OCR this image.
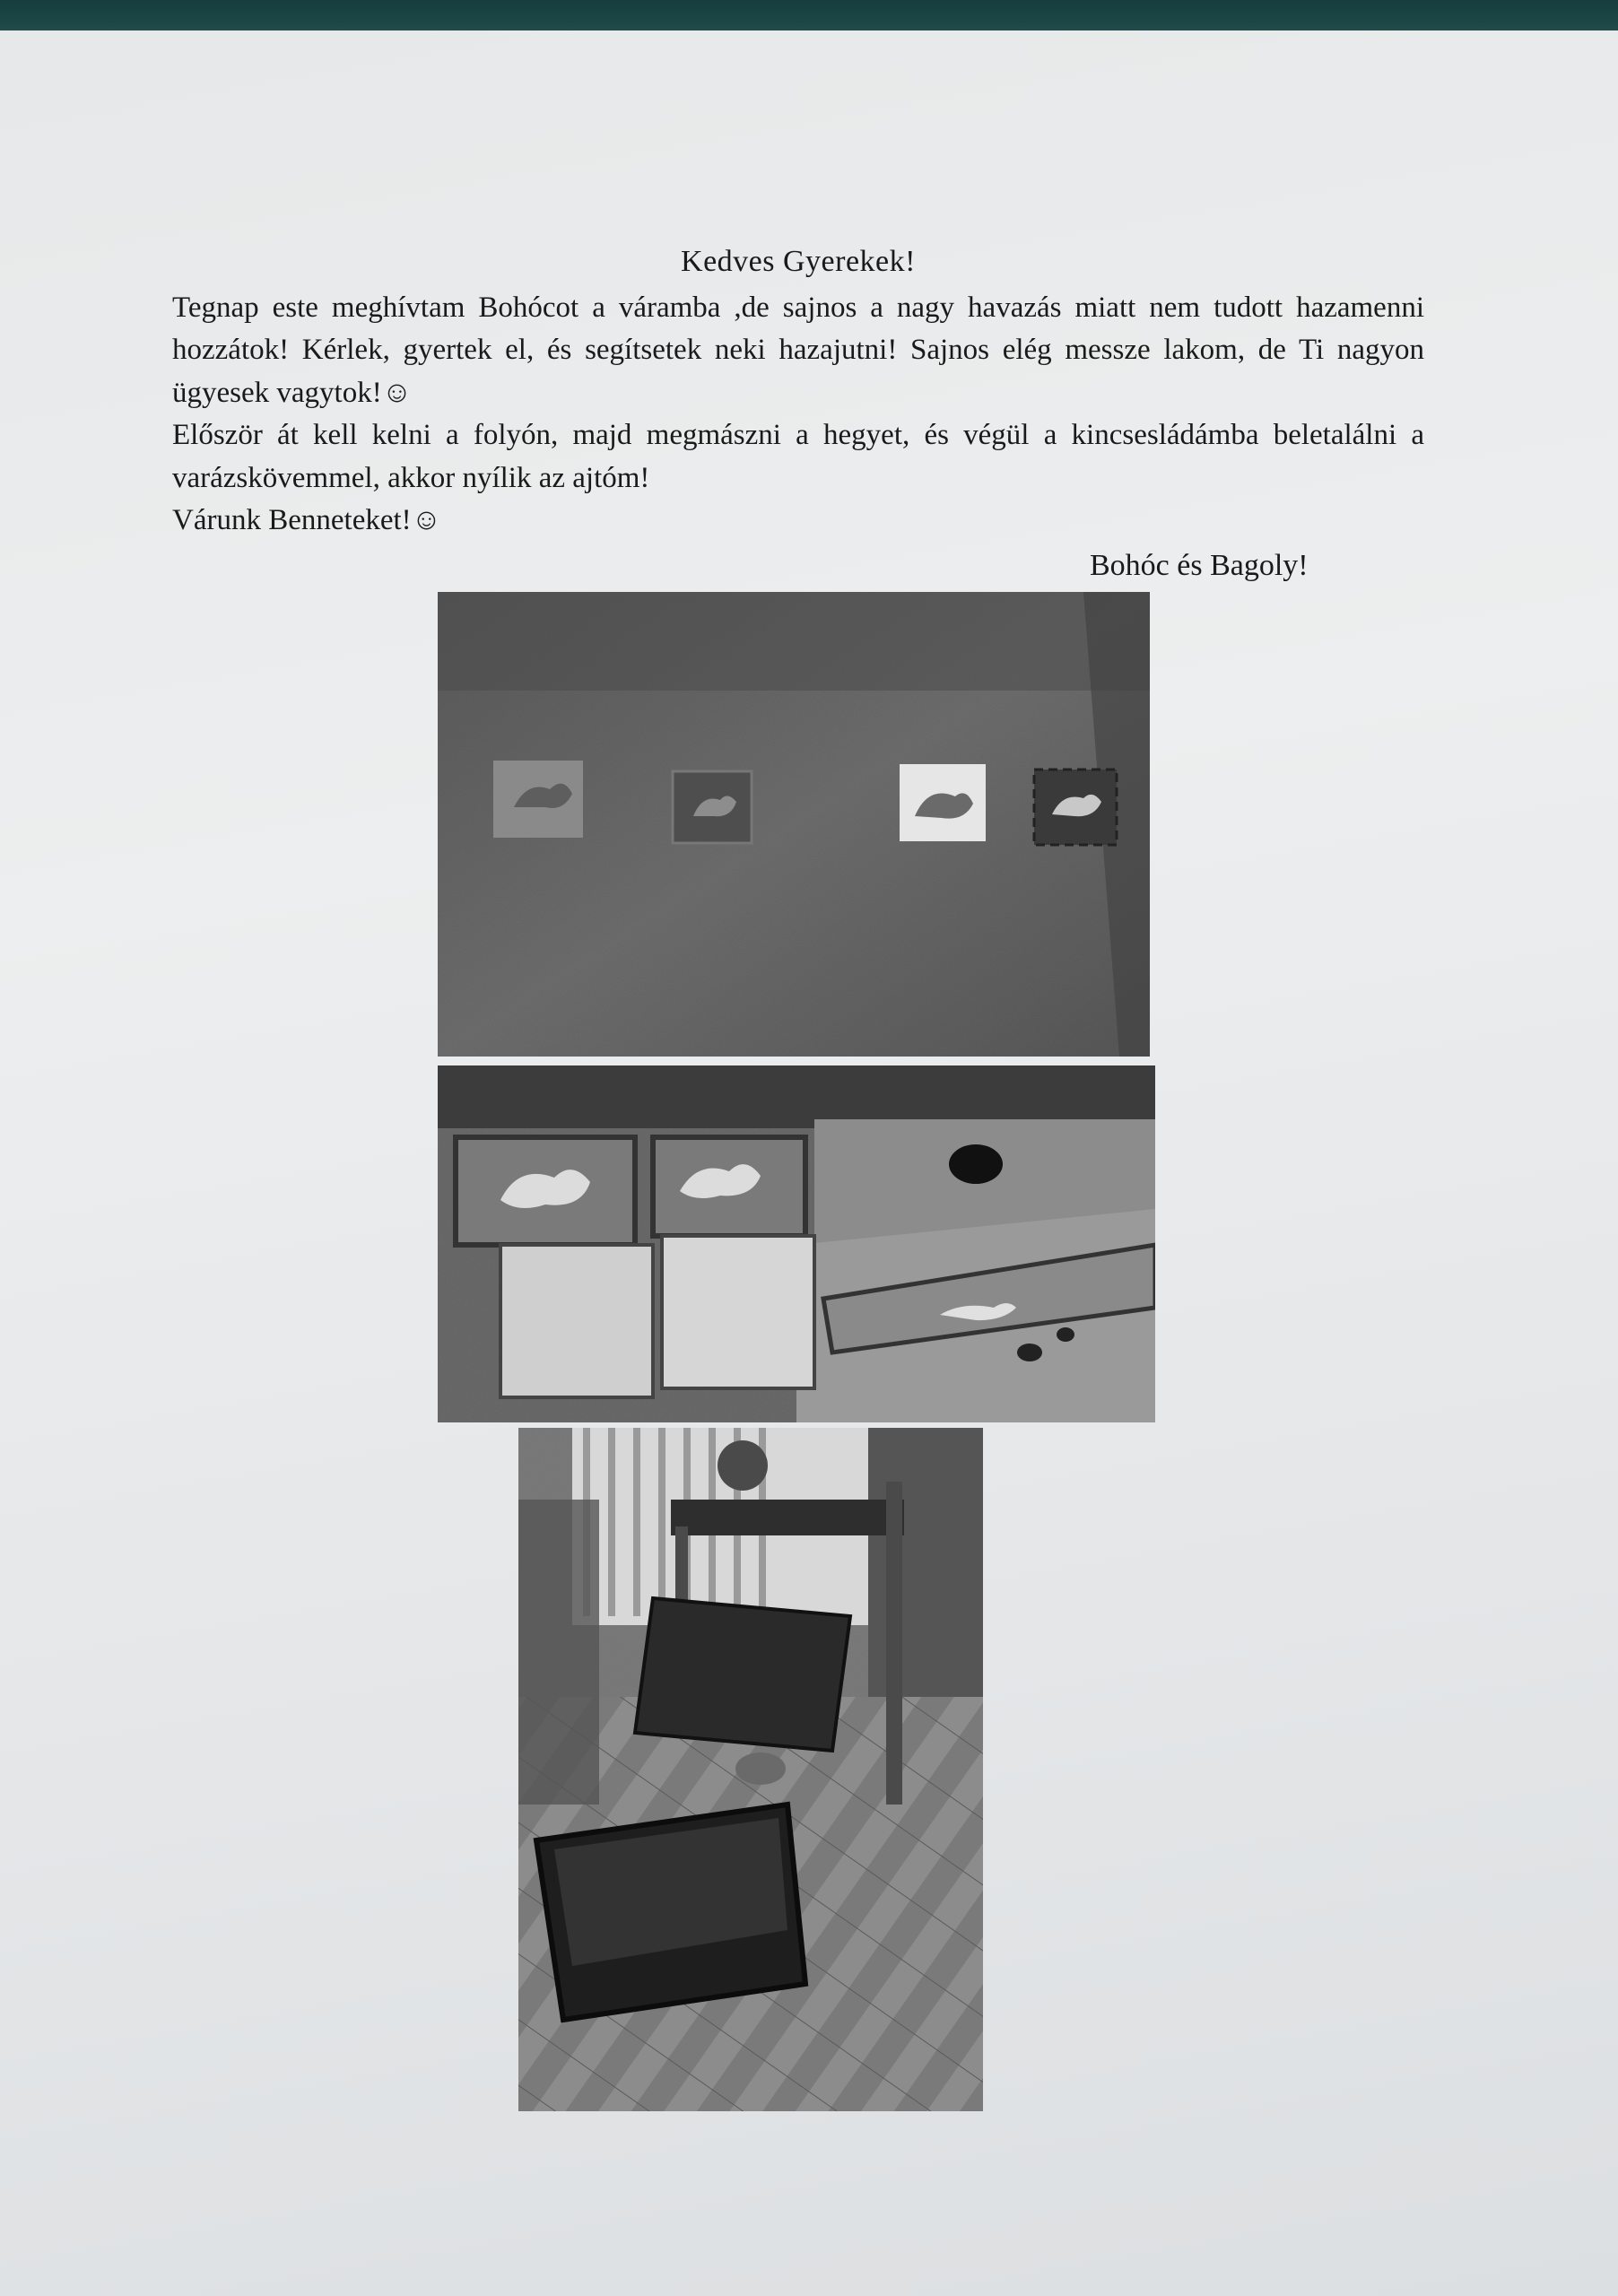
Kedves Gyerekek!

Tegnap este meghívtam Bohócot a váramba ,de sajnos a nagy havazás miatt nem tudott hazamenni hozzátok! Kérlek, gyertek el, és segítsetek neki hazajutni! Sajnos elég messze lakom, de Ti nagyon ügyesek vagytok!☺

Először át kell kelni a folyón, majd megmászni a hegyet, és végül a kincsesládámba beletalálni a varázskövemmel, akkor nyílik az ajtóm!

Várunk Benneteket!☺

Bohóc és Bagoly!
